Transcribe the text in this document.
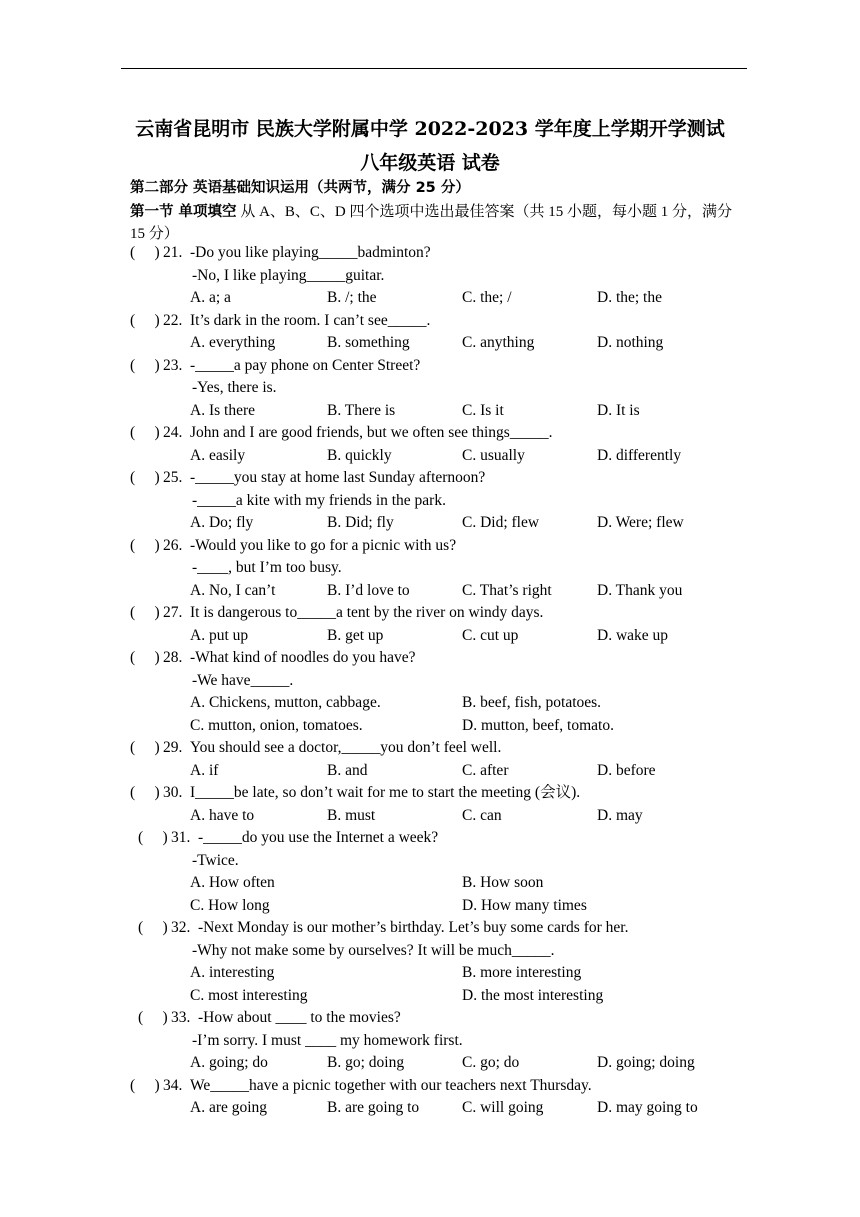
云南省昆明市 民族大学附属中学 2022-2023 学年度上学期开学测试
八年级英语 试卷
第二部分 英语基础知识运用（共两节，满分 25 分）
第一节 单项填空 从 A、B、C、D 四个选项中选出最佳答案（共 15 小题，每小题 1 分，满分 15 分）
(     ) 21. -Do you like playing_____badminton?
-No, I like playing_____guitar.
A. a; a	B. /; the	C. the; /	D. the; the
(     ) 22. It’s dark in the room. I can’t see_____.
A. everything	B. something	C. anything	D. nothing
(     ) 23. -_____a pay phone on Center Street?
-Yes, there is.
A. Is there	B. There is	C. Is it	D. It is
(     ) 24. John and I are good friends, but we often see things_____.
A. easily	B. quickly	C. usually	D. differently
(     ) 25. -_____you stay at home last Sunday afternoon?
-_____a kite with my friends in the park.
A. Do; fly	B. Did; fly	C. Did; flew	D. Were; flew
(     ) 26. -Would you like to go for a picnic with us?
-____, but I’m too busy.
A. No, I can’t	B. I’d love to	C. That’s right	D. Thank you
(     ) 27. It is dangerous to_____a tent by the river on windy days.
A. put up	B. get up	C. cut up	D. wake up
(     ) 28. -What kind of noodles do you have?
-We have_____.
A. Chickens, mutton, cabbage.	B. beef, fish, potatoes.
C. mutton, onion, tomatoes.	D. mutton, beef, tomato.
(     ) 29. You should see a doctor,_____you don’t feel well.
A. if	B. and	C. after	D. before
(     ) 30. I_____be late, so don’t wait for me to start the meeting (会议).
A. have to	B. must	C. can	D. may
(     ) 31. -_____do you use the Internet a week?
-Twice.
A. How often	B. How soon
C. How long	D. How many times
(     ) 32. -Next Monday is our mother’s birthday. Let’s buy some cards for her.
-Why not make some by ourselves? It will be much_____.
A. interesting	B. more interesting
C. most interesting	D. the most interesting
(     ) 33. -How about ____ to the movies?
-I’m sorry. I must ____ my homework first.
A. going; do	B. go; doing	C. go; do	D. going; doing
(     ) 34. We_____have a picnic together with our teachers next Thursday.
A. are going	B. are going to	C. will going	D. may going to
